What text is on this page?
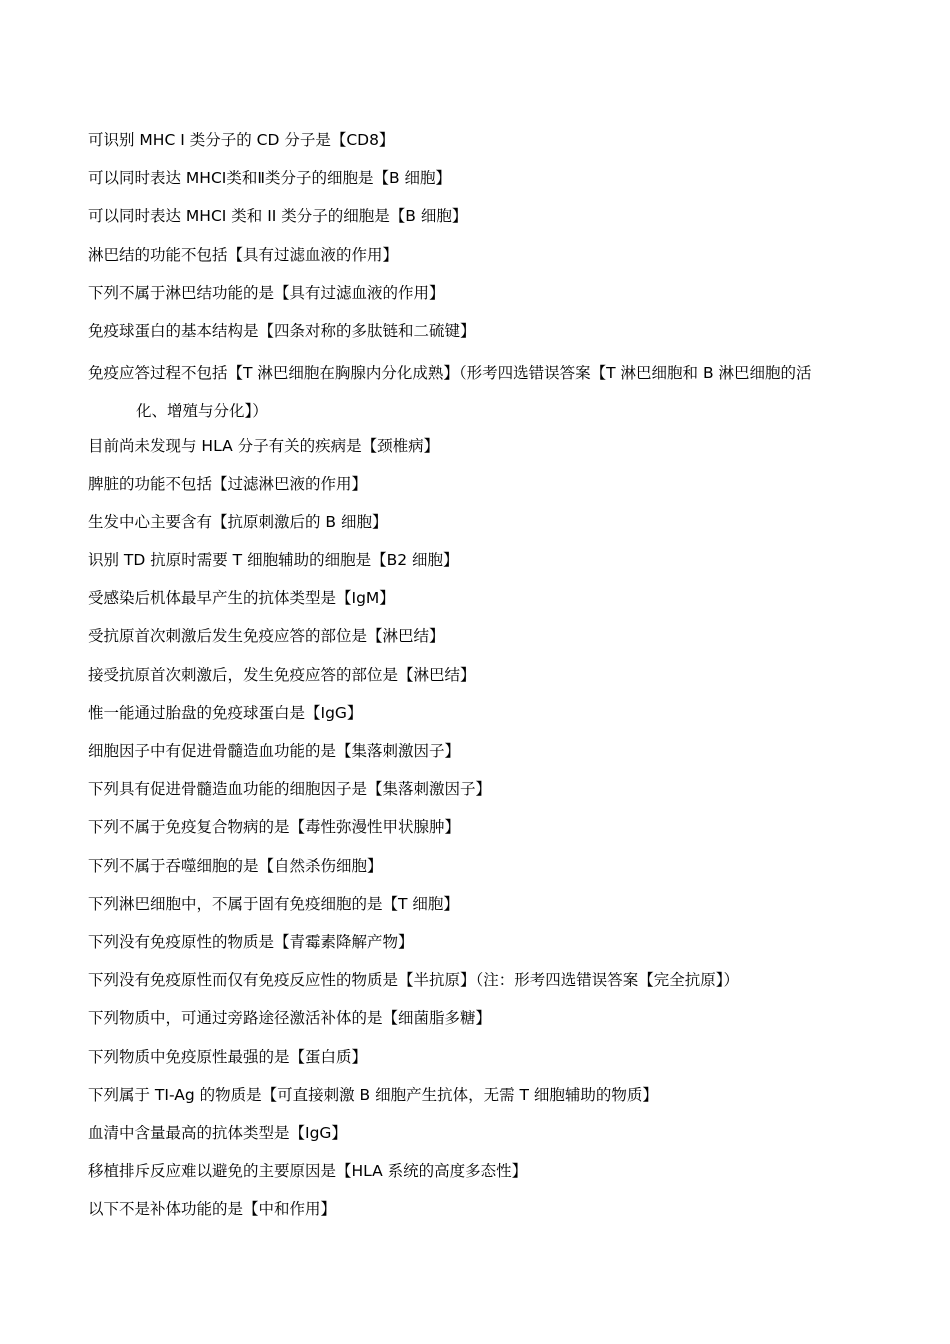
可识别 MHC Ⅰ 类分子的 CD 分子是【CD8】
可以同时表达 MHCⅠ类和Ⅱ类分子的细胞是【B 细胞】
可以同时表达 MHCI 类和 II 类分子的细胞是【B 细胞】
淋巴结的功能不包括【具有过滤血液的作用】
下列不属于淋巴结功能的是【具有过滤血液的作用】
免疫球蛋白的基本结构是【四条对称的多肽链和二硫键】
免疫应答过程不包括【T 淋巴细胞在胸腺内分化成熟】（形考四选错误答案【T 淋巴细胞和 B 淋巴细胞的活
化、增殖与分化】）
目前尚未发现与 HLA 分子有关的疾病是【颈椎病】
脾脏的功能不包括【过滤淋巴液的作用】
生发中心主要含有【抗原刺激后的 B 细胞】
识别 TD 抗原时需要 T 细胞辅助的细胞是【B2 细胞】
受感染后机体最早产生的抗体类型是【IgM】
受抗原首次刺激后发生免疫应答的部位是【淋巴结】
接受抗原首次刺激后，发生免疫应答的部位是【淋巴结】
惟一能通过胎盘的免疫球蛋白是【IgG】
细胞因子中有促进骨髓造血功能的是【集落刺激因子】
下列具有促进骨髓造血功能的细胞因子是【集落刺激因子】
下列不属于免疫复合物病的是【毒性弥漫性甲状腺肿】
下列不属于吞噬细胞的是【自然杀伤细胞】
下列淋巴细胞中，不属于固有免疫细胞的是【T 细胞】
下列没有免疫原性的物质是【青霉素降解产物】
下列没有免疫原性而仅有免疫反应性的物质是【半抗原】（注：形考四选错误答案【完全抗原】）
下列物质中，可通过旁路途径激活补体的是【细菌脂多糖】
下列物质中免疫原性最强的是【蛋白质】
下列属于 TI-Ag 的物质是【可直接刺激 B 细胞产生抗体，无需 T 细胞辅助的物质】
血清中含量最高的抗体类型是【IgG】
移植排斥反应难以避免的主要原因是【HLA 系统的高度多态性】
以下不是补体功能的是【中和作用】
